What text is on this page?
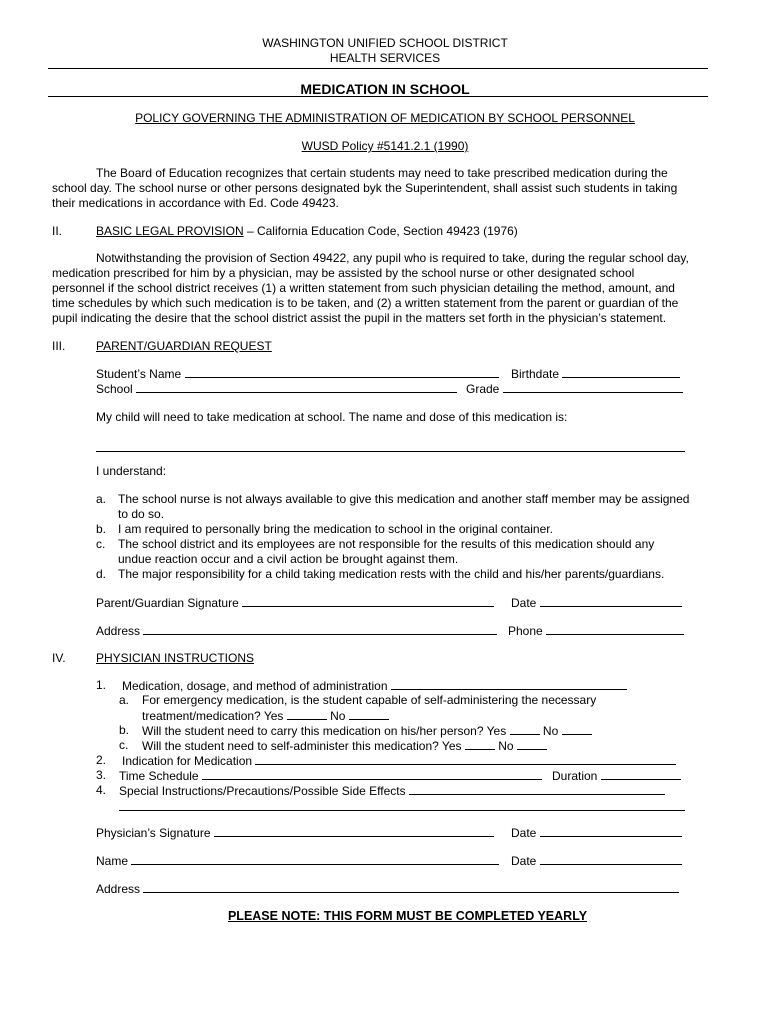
WASHINGTON UNIFIED SCHOOL DISTRICT
HEALTH SERVICES
MEDICATION IN SCHOOL
POLICY GOVERNING THE ADMINISTRATION OF MEDICATION BY SCHOOL PERSONNEL
WUSD Policy #5141.2.1 (1990)
The Board of Education recognizes that certain students may need to take prescribed medication during the
school day. The school nurse or other persons designated byk the Superintendent, shall assist such students in taking
their medications in accordance with Ed. Code 49423.
II.	BASIC LEGAL PROVISION – California Education Code, Section 49423 (1976)
Notwithstanding the provision of Section 49422, any pupil who is required to take, during the regular school day,
medication prescribed for him by a physician, may be assisted by the school nurse or other designated school
personnel if the school district receives (1) a written statement from such physician detailing the method, amount, and
time schedules by which such medication is to be taken, and (2) a written statement from the parent or guardian of the
pupil indicating the desire that the school district assist the pupil in the matters set forth in the physician’s statement.
III.	PARENT/GUARDIAN REQUEST
Student’s Name	Birthdate
School	Grade
My child will need to take medication at school. The name and dose of this medication is:
I understand:
a. The school nurse is not always available to give this medication and another staff member may be assigned
to do so.
b. I am required to personally bring the medication to school in the original container.
c. The school district and its employees are not responsible for the results of this medication should any
undue reaction occur and a civil action be brought against them.
d. The major responsibility for a child taking medication rests with the child and his/her parents/guardians.
Parent/Guardian Signature	Date
Address	Phone
IV.	PHYSICIAN INSTRUCTIONS
1. Medication, dosage, and method of administration
a. For emergency medication, is the student capable of self-administering the necessary
treatment/medication? Yes	No
b. Will the student need to carry this medication on his/her person? Yes	No
c. Will the student need to self-administer this medication? Yes	No
2. Indication for Medication
3. Time Schedule	Duration
4. Special Instructions/Precautions/Possible Side Effects
Physician’s Signature	Date
Name	Date
Address
PLEASE NOTE: THIS FORM MUST BE COMPLETED YEARLY
